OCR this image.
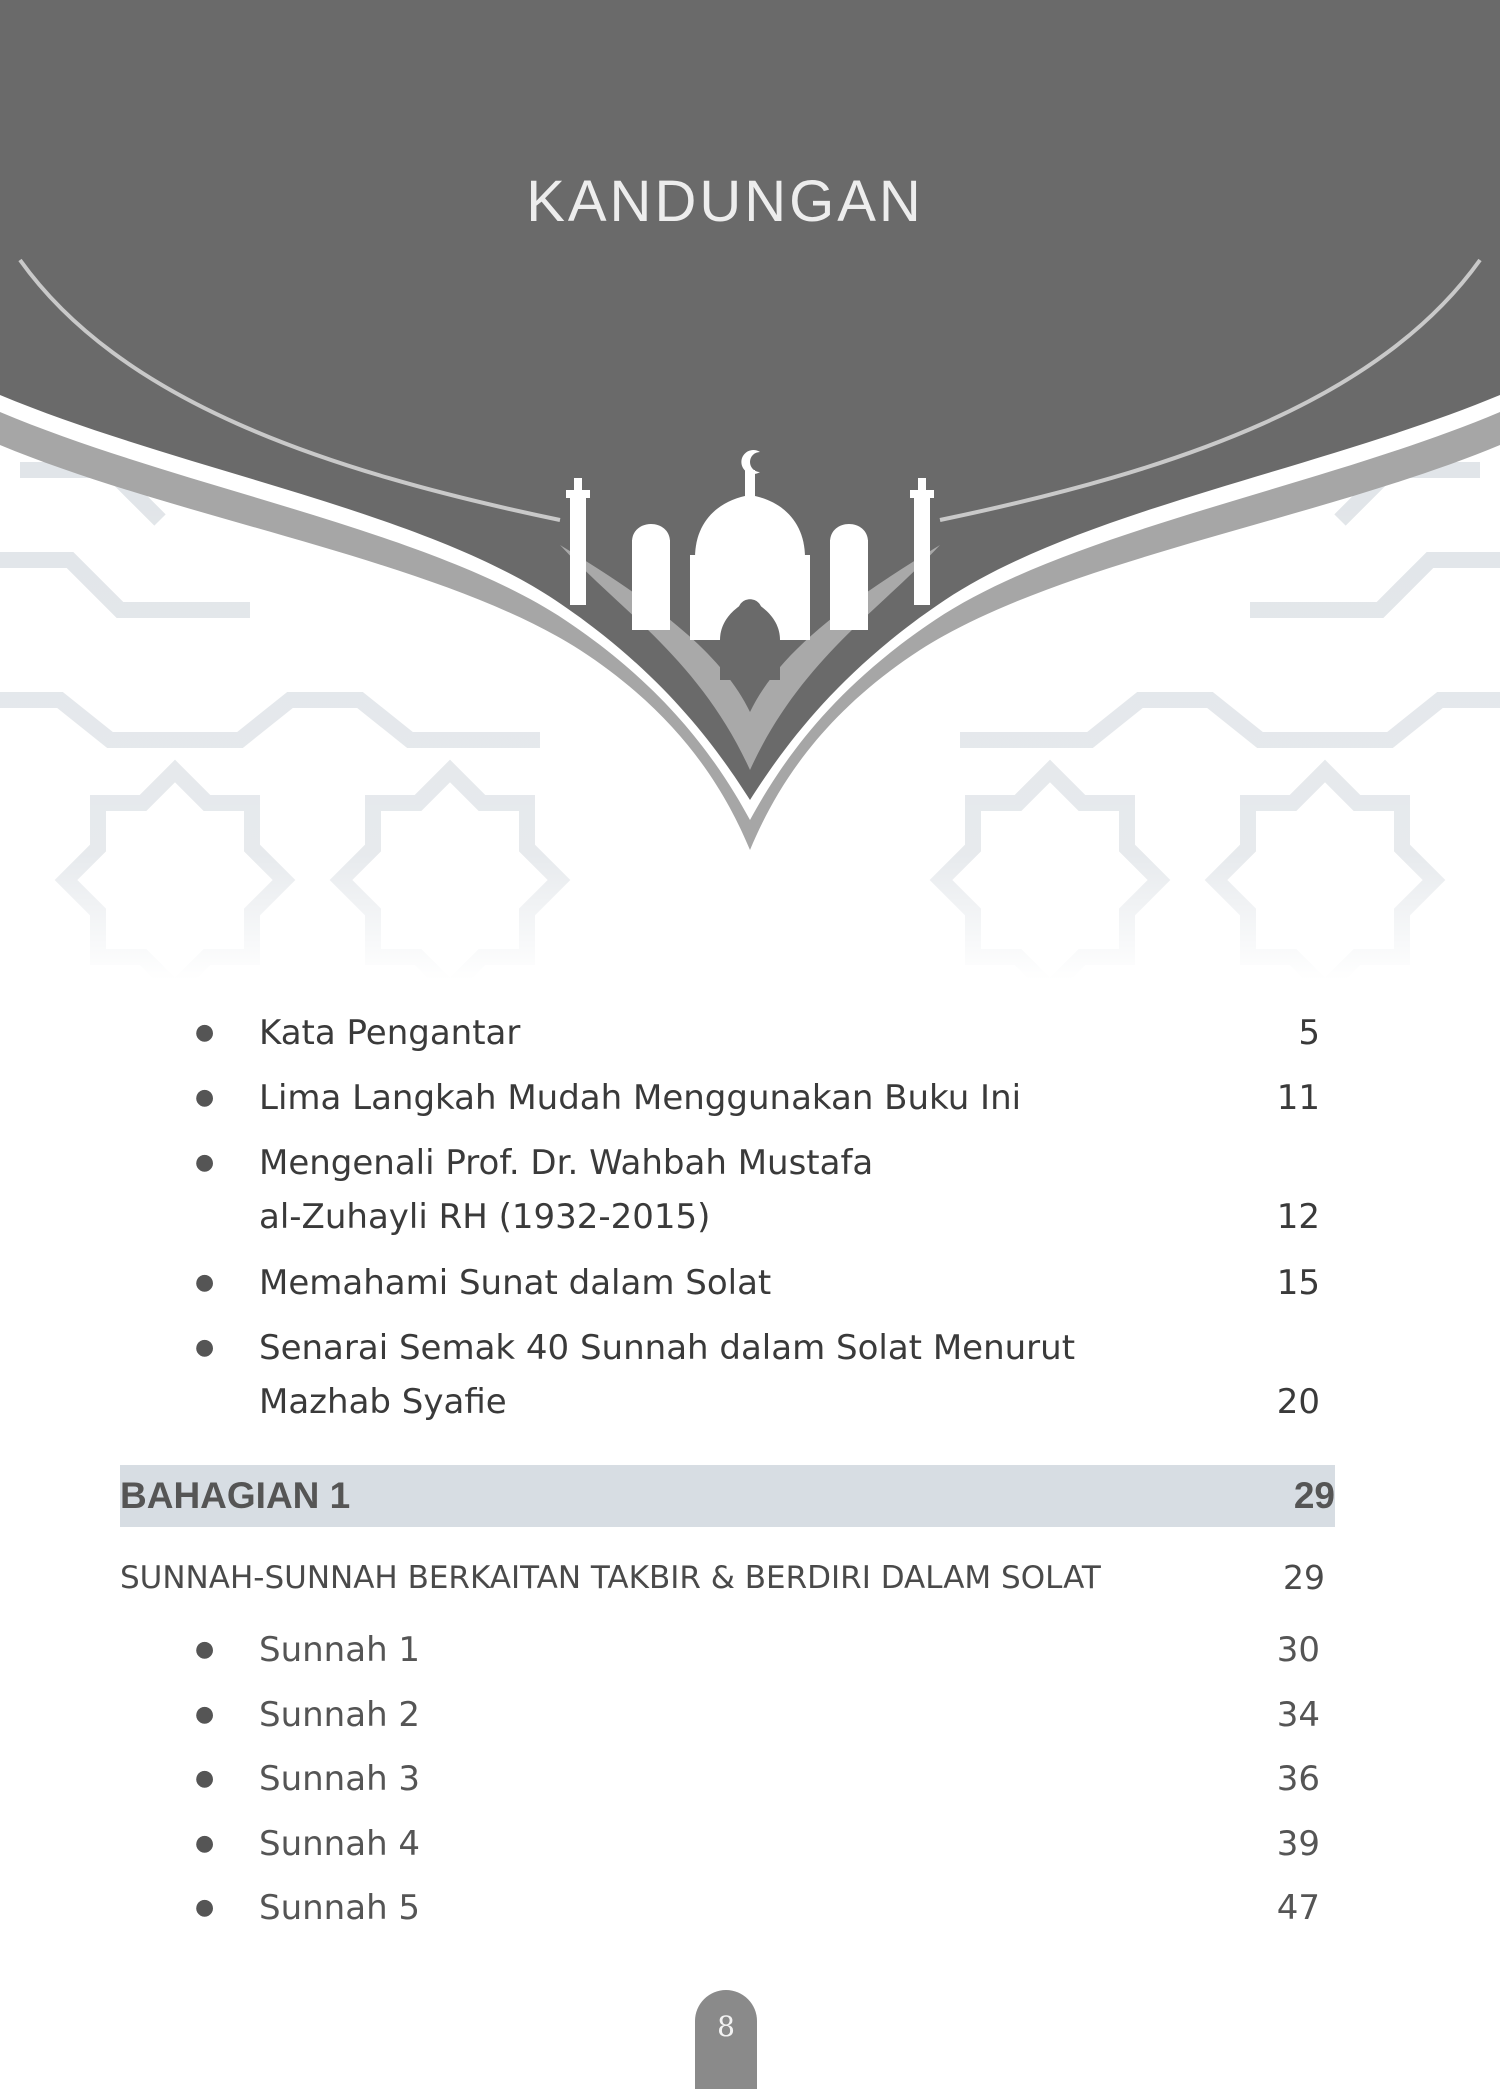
KANDUNGAN
● Kata Pengantar	5
● Lima Langkah Mudah Menggunakan Buku Ini	11
● Mengenali Prof. Dr. Wahbah Mustafa
al-Zuhayli RH (1932-2015)	12
● Memahami Sunat dalam Solat	15
● Senarai Semak 40 Sunnah dalam Solat Menurut
Mazhab Syafie	20
BAHAGIAN 1	29
SUNNAH-SUNNAH BERKAITAN TAKBIR & BERDIRI DALAM SOLAT	29
● Sunnah 1	30
● Sunnah 2	34
● Sunnah 3	36
● Sunnah 4	39
● Sunnah 5	47
8
